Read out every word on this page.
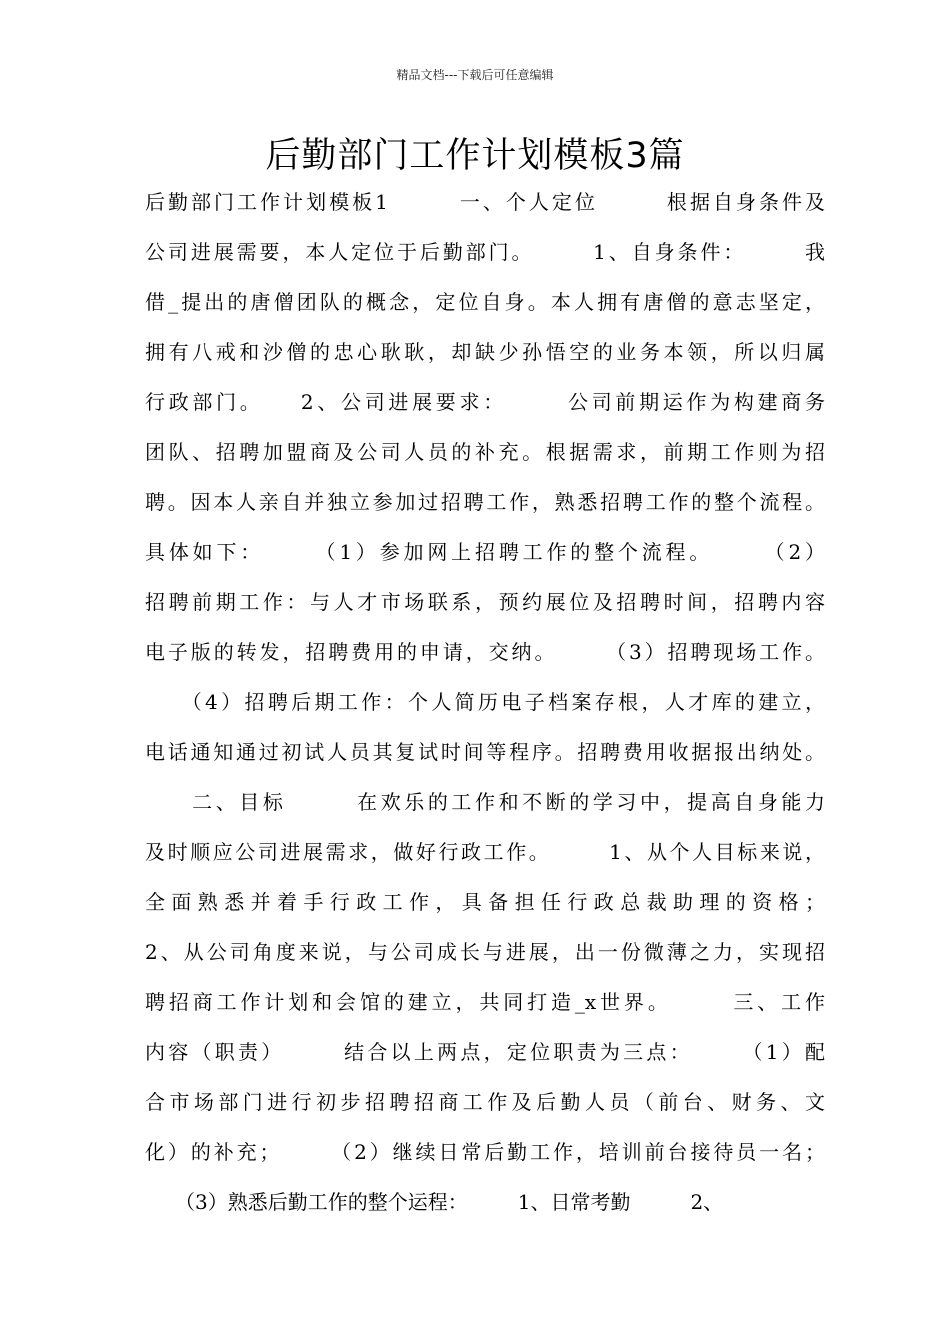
精品文档---下载后可任意编辑
后勤部门工作计划模板3篇
后勤部门工作计划模板1　　　一、个人定位　　　根据自身条件及
公司进展需要，本人定位于后勤部门。　　　1、自身条件：　　　我
借_提出的唐僧团队的概念，定位自身。本人拥有唐僧的意志坚定，
拥有八戒和沙僧的忠心耿耿，却缺少孙悟空的业务本领，所以归属
行政部门。　　2、公司进展要求：　　　公司前期运作为构建商务
团队、招聘加盟商及公司人员的补充。根据需求，前期工作则为招
聘。因本人亲自并独立参加过招聘工作，熟悉招聘工作的整个流程。
具体如下：　　　（1）参加网上招聘工作的整个流程。　　　（2）
招聘前期工作：与人才市场联系，预约展位及招聘时间，招聘内容
电子版的转发，招聘费用的申请，交纳。　　　（3）招聘现场工作。
　　（4）招聘后期工作：个人简历电子档案存根，人才库的建立，
电话通知通过初试人员其复试时间等程序。招聘费用收据报出纳处。
　　二、目标　　　在欢乐的工作和不断的学习中，提高自身能力
及时顺应公司进展需求，做好行政工作。　　　1、从个人目标来说，
全面熟悉并着手行政工作，具备担任行政总裁助理的资格；
2、从公司角度来说，与公司成长与进展，出一份微薄之力，实现招
聘招商工作计划和会馆的建立，共同打造_x世界。　　　三、工作
内容（职责）　　　结合以上两点，定位职责为三点：　　　（1）配
合市场部门进行初步招聘招商工作及后勤人员（前台、财务、文
化）的补充；　　　（2）继续日常后勤工作，培训前台接待员一名；
　　（3）熟悉后勤工作的整个运程：　　　1、日常考勤　　　2、
